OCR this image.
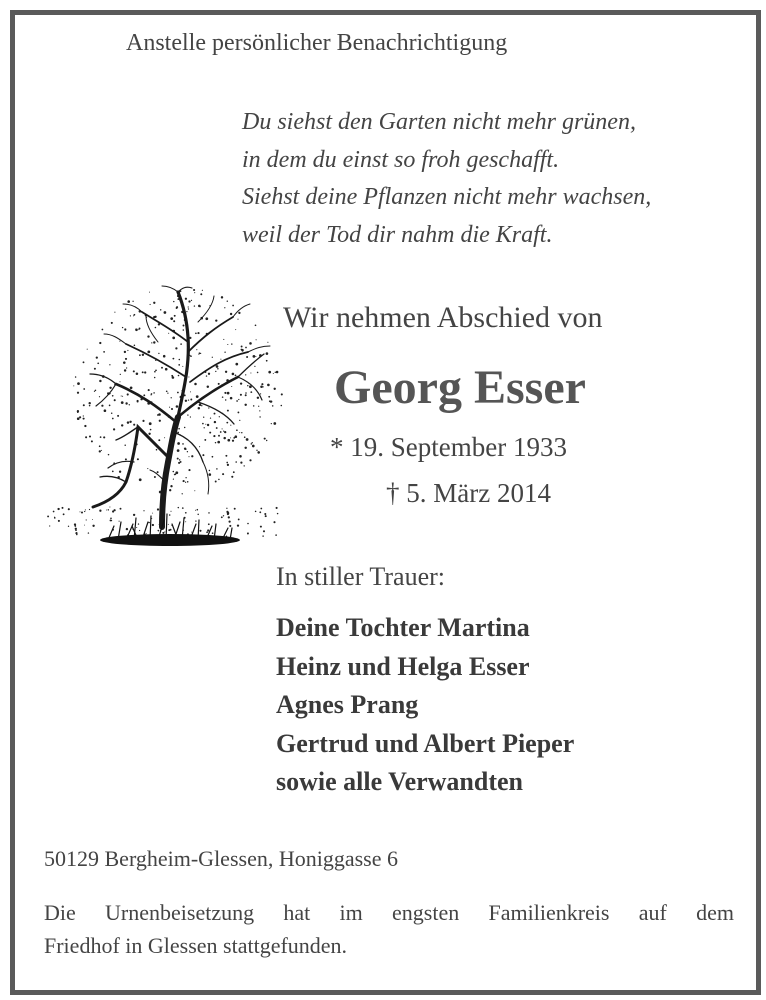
Anstelle persönlicher Benachrichtigung
Du siehst den Garten nicht mehr grünen,
in dem du einst so froh geschafft.
Siehst deine Pflanzen nicht mehr wachsen,
weil der Tod dir nahm die Kraft.
Wir nehmen Abschied von
Georg Esser
* 19. September 1933
† 5. März 2014
In stiller Trauer:
Deine Tochter Martina
Heinz und Helga Esser
Agnes Prang
Gertrud und Albert Pieper
sowie alle Verwandten
50129 Bergheim-Glessen, Honiggasse 6
Die Urnenbeisetzung hat im engsten Familienkreis auf dem
Friedhof in Glessen stattgefunden.
